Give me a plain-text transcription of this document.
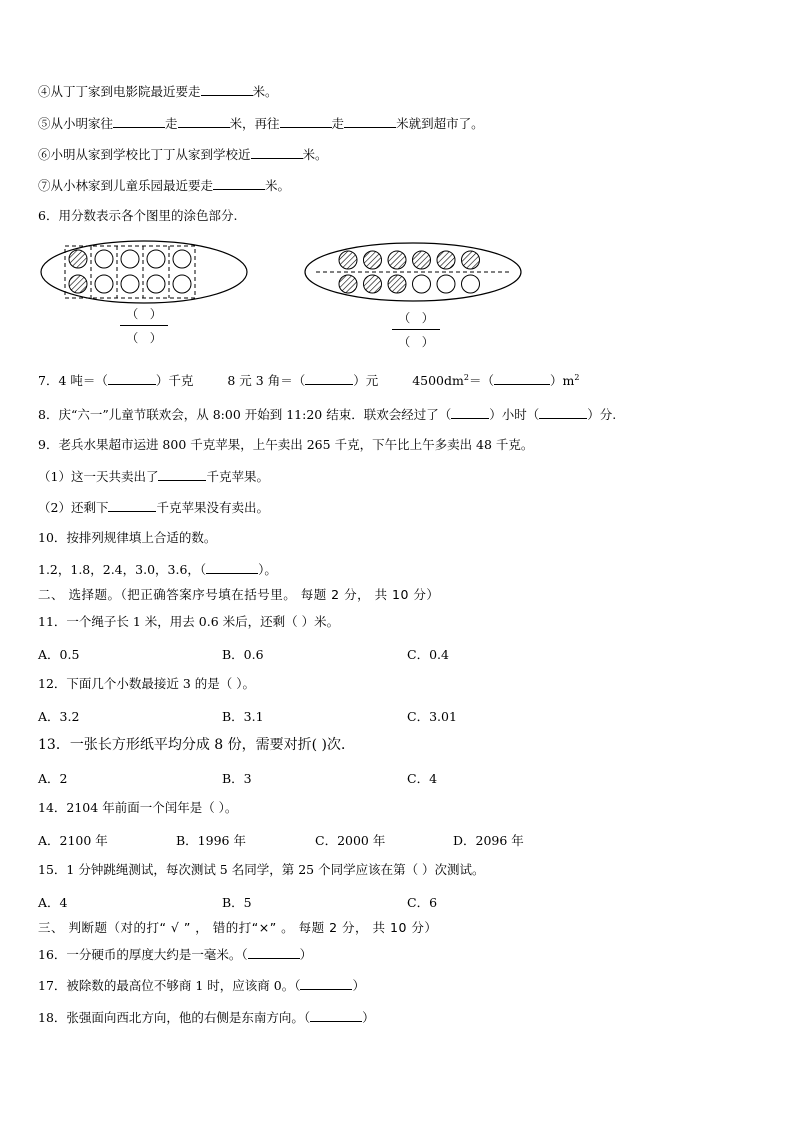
④从丁丁家到电影院最近要走	米。
⑤从小明家往	走	米，再往	走	米就到超市了。
⑥小明从家到学校比丁丁从家到学校近	米。
⑦从小林家到儿童乐园最近要走	米。
6．用分数表示各个图里的涂色部分.
（ ）
（ ）
（ ）
（ ）
7．4 吨＝（	）千克	8 元 3 角＝（	）元	$4500dm^2=$（	）$m^2$
8．庆“六一”儿童节联欢会，从 8:00 开始到 11:20 结束．联欢会经过了（	）小时（	）分.
9．老兵水果超市运进 800 千克苹果，上午卖出 265 千克，下午比上午多卖出 48 千克。
（1）这一天共卖出了	千克苹果。
（2）还剩下	千克苹果没有卖出。
10．按排列规律填上合适的数。
1.2，1.8，2.4，3.0，3.6，（	）。
二、 选择题。（把正确答案序号填在括号里。 每题 2 分， 共 10 分）
11．一个绳子长 1 米，用去 0.6 米后，还剩（ ）米。
A．0.5	B．0.6	C．0.4
12．下面几个小数最接近 3 的是（ ）。
A．3.2	B．3.1	C．3.01
13．一张长方形纸平均分成 8 份，需要对折( )次．
A．2	B．3	C．4
14．2104 年前面一个闰年是（ ）。
A．2100 年	B．1996 年	C．2000 年	D．2096 年
15．1 分钟跳绳测试，每次测试 5 名同学，第 25 个同学应该在第（ ）次测试。
A．4	B．5	C．6
三、 判断题（对的打“ √ ” ， 错的打“×” 。 每题 2 分， 共 10 分）
16．一分硬币的厚度大约是一毫米。（	）
17．被除数的最高位不够商 1 时，应该商 0。（	）
18．张强面向西北方向，他的右侧是东南方向。（	）
